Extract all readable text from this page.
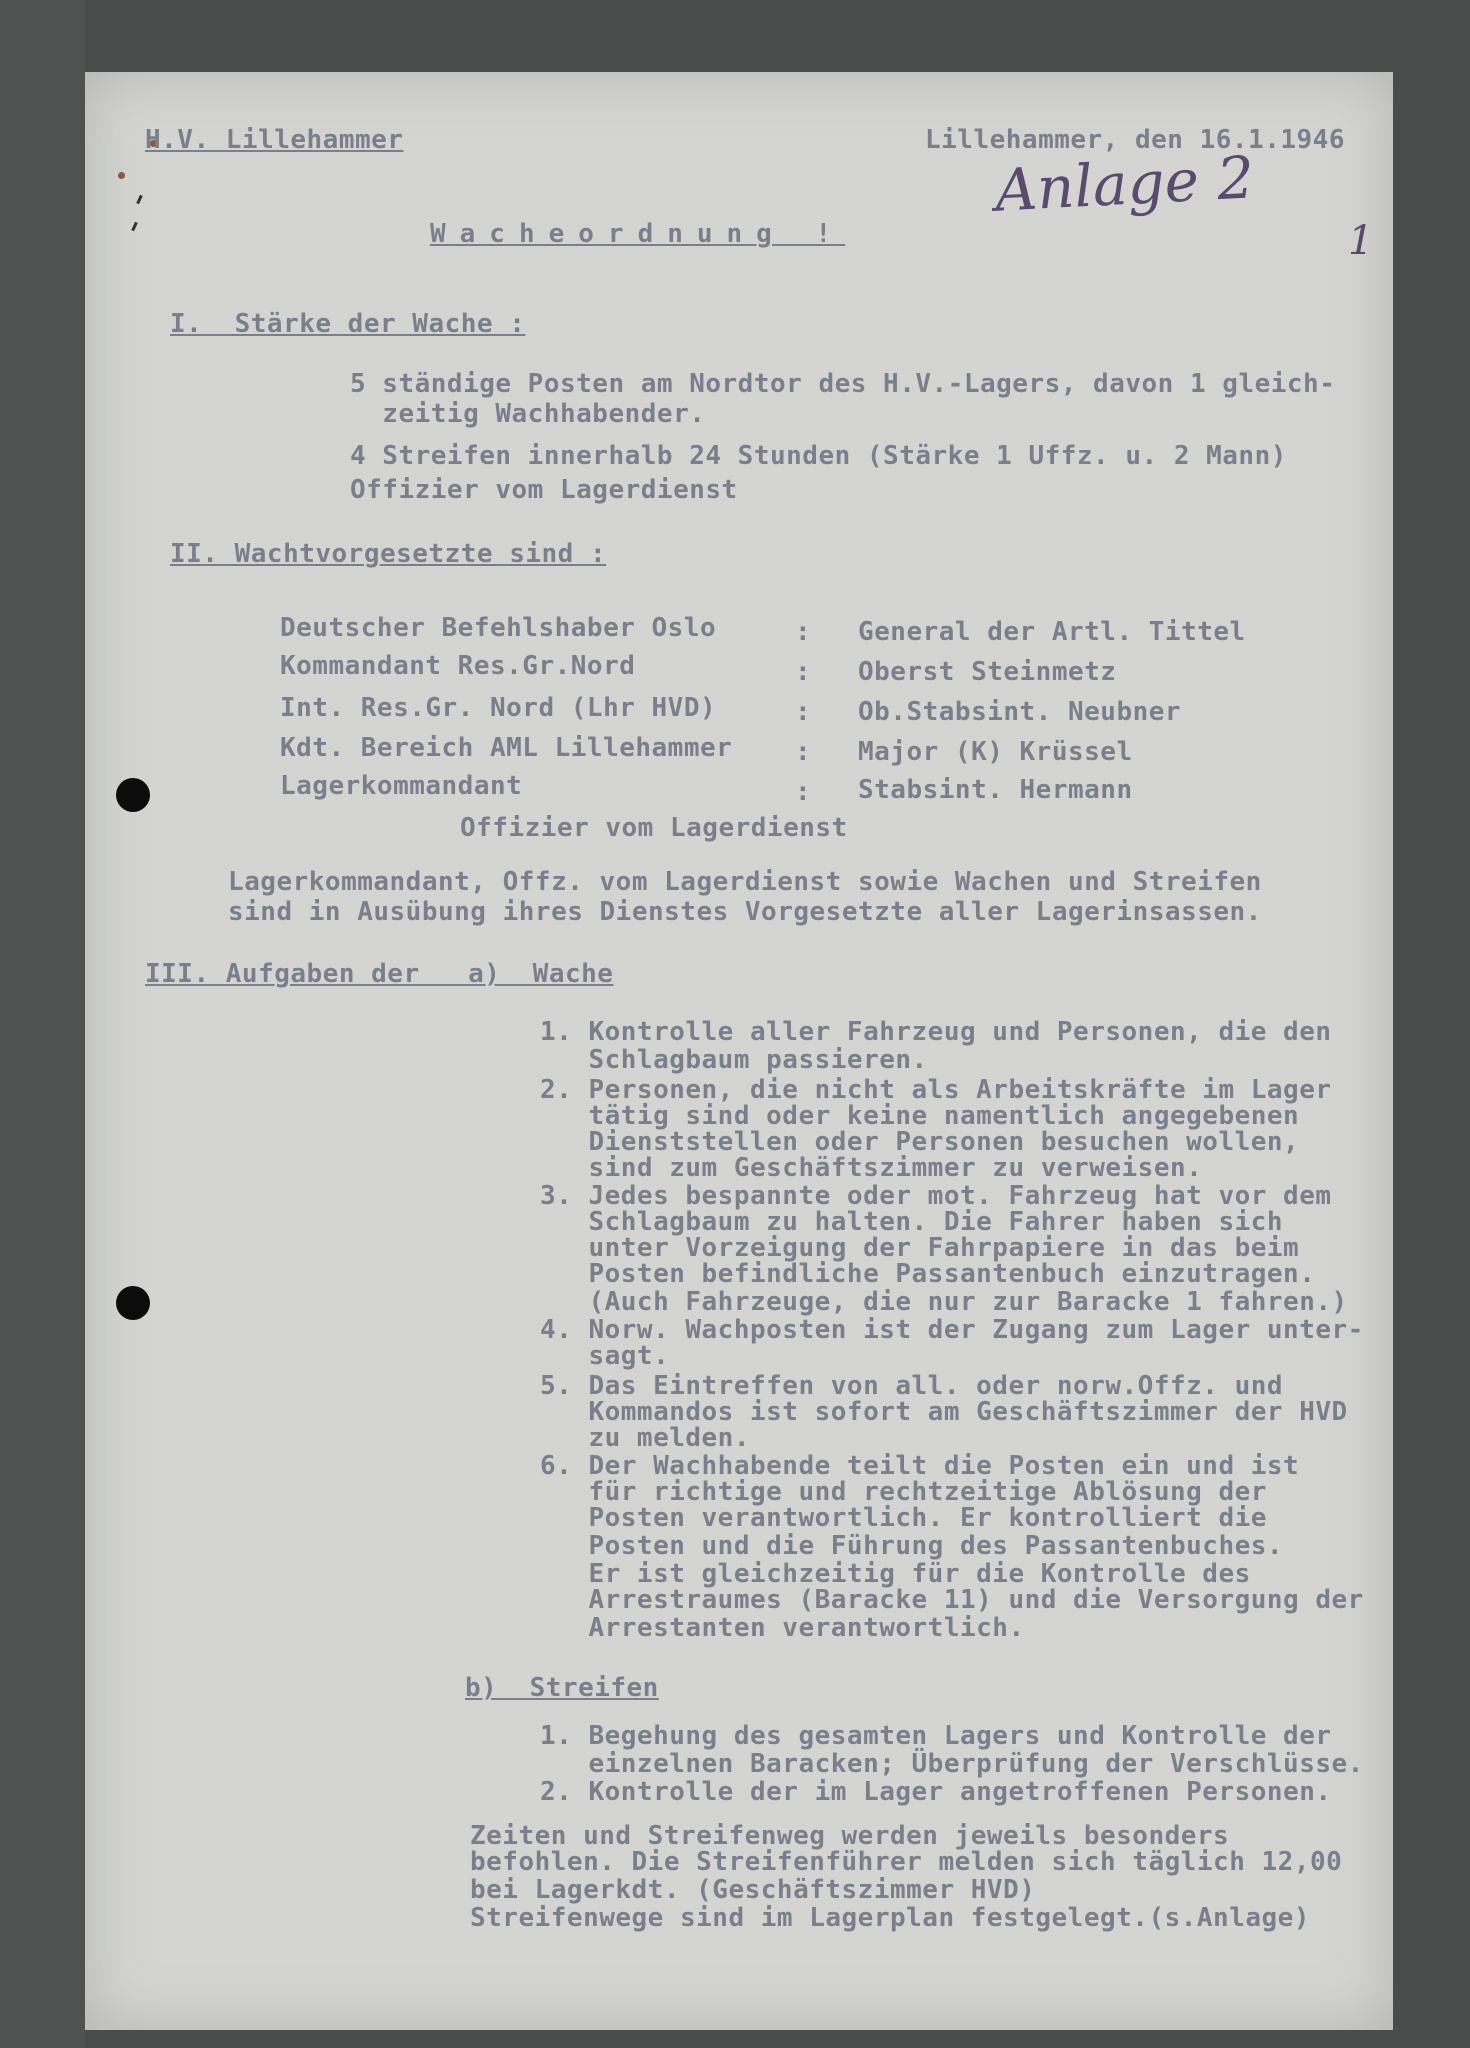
H.V. Lillehammer	Lillehammer, den 16.1.1946
Anlage 2
1
Wacheordnung !
I.  Stärke der Wache :
5 ständige Posten am Nordtor des H.V.-Lagers, davon 1 gleich-
zeitig Wachhabender.
4 Streifen innerhalb 24 Stunden (Stärke 1 Uffz. u. 2 Mann)
Offizier vom Lagerdienst
II. Wachtvorgesetzte sind :
Deutscher Befehlshaber Oslo	: General der Artl. Tittel
Kommandant Res.Gr.Nord	: Oberst Steinmetz
Int. Res.Gr. Nord (Lhr HVD)	: Ob.Stabsint. Neubner
Kdt. Bereich AML Lillehammer : Major (K) Krüssel
Lagerkommandant	: Stabsint. Hermann
Offizier vom Lagerdienst
Lagerkommandant, Offz. vom Lagerdienst sowie Wachen und Streifen
sind in Ausübung ihres Dienstes Vorgesetzte aller Lagerinsassen.
III. Aufgaben der   a)  Wache
1. Kontrolle aller Fahrzeug und Personen, die den
Schlagbaum passieren.
2. Personen, die nicht als Arbeitskräfte im Lager
tätig sind oder keine namentlich angegebenen
Dienststellen oder Personen besuchen wollen,
sind zum Geschäftszimmer zu verweisen.
3. Jedes bespannte oder mot. Fahrzeug hat vor dem
Schlagbaum zu halten. Die Fahrer haben sich
unter Vorzeigung der Fahrpapiere in das beim
Posten befindliche Passantenbuch einzutragen.
(Auch Fahrzeuge, die nur zur Baracke 1 fahren.)
4. Norw. Wachposten ist der Zugang zum Lager unter-
sagt.
5. Das Eintreffen von all. oder norw.Offz. und
Kommandos ist sofort am Geschäftszimmer der HVD
zu melden.
6. Der Wachhabende teilt die Posten ein und ist
für richtige und rechtzeitige Ablösung der
Posten verantwortlich. Er kontrolliert die
Posten und die Führung des Passantenbuches.
Er ist gleichzeitig für die Kontrolle des
Arrestraumes (Baracke 11) und die Versorgung der
Arrestanten verantwortlich.
b)  Streifen
1. Begehung des gesamten Lagers und Kontrolle der
einzelnen Baracken; Überprüfung der Verschlüsse.
2. Kontrolle der im Lager angetroffenen Personen.
Zeiten und Streifenweg werden jeweils besonders
befohlen. Die Streifenführer melden sich täglich 12,00
bei Lagerkdt. (Geschäftszimmer HVD)
Streifenwege sind im Lagerplan festgelegt.(s.Anlage)
